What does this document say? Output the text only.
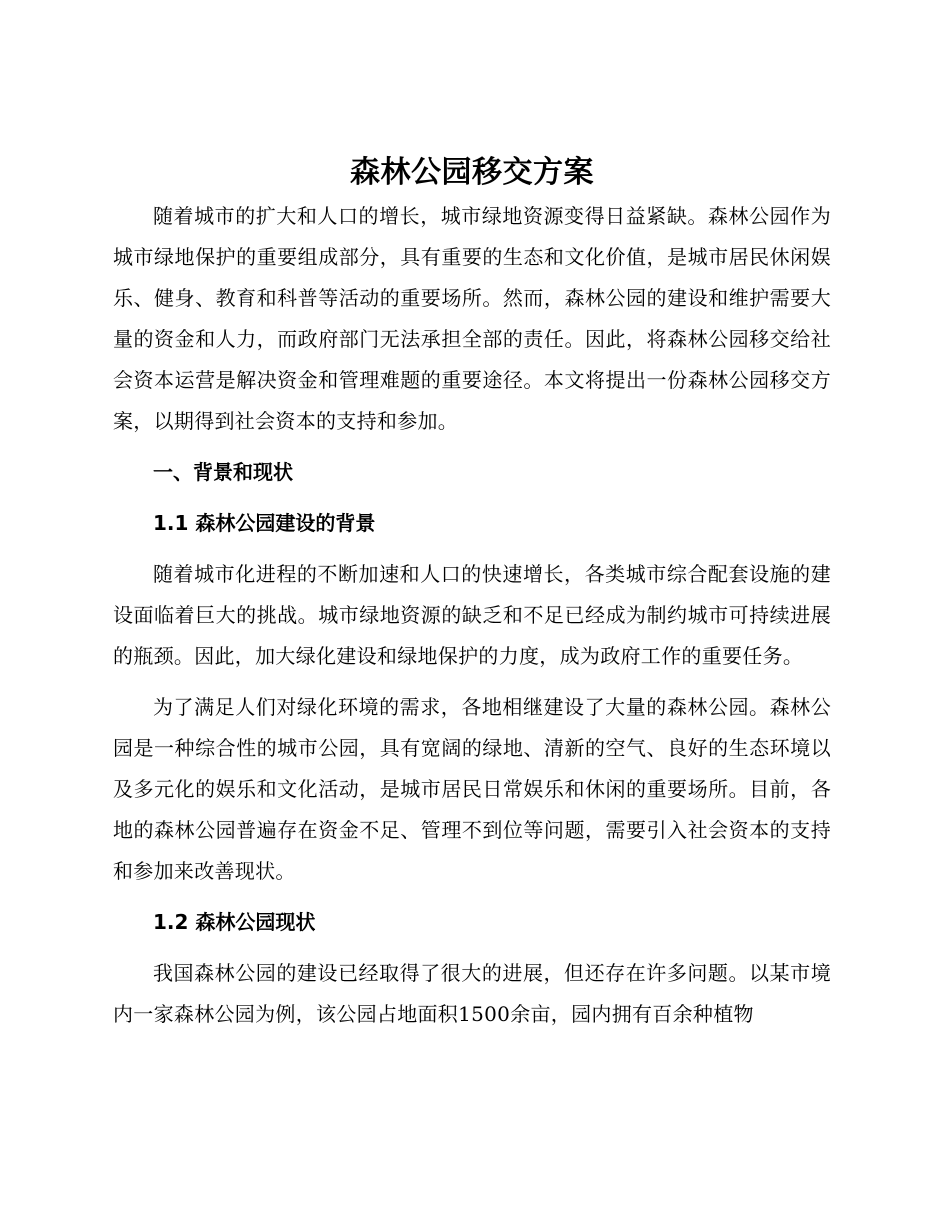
森林公园移交方案

随着城市的扩大和人口的增长，城市绿地资源变得日益紧缺。森林公园作为城市绿地保护的重要组成部分，具有重要的生态和文化价值，是城市居民休闲娱乐、健身、教育和科普等活动的重要场所。然而，森林公园的建设和维护需要大量的资金和人力，而政府部门无法承担全部的责任。因此，将森林公园移交给社会资本运营是解决资金和管理难题的重要途径。本文将提出一份森林公园移交方案，以期得到社会资本的支持和参加。

一、背景和现状
1.1 森林公园建设的背景

随着城市化进程的不断加速和人口的快速增长，各类城市综合配套设施的建设面临着巨大的挑战。城市绿地资源的缺乏和不足已经成为制约城市可持续进展的瓶颈。因此，加大绿化建设和绿地保护的力度，成为政府工作的重要任务。

为了满足人们对绿化环境的需求，各地相继建设了大量的森林公园。森林公园是一种综合性的城市公园，具有宽阔的绿地、清新的空气、良好的生态环境以及多元化的娱乐和文化活动，是城市居民日常娱乐和休闲的重要场所。目前，各地的森林公园普遍存在资金不足、管理不到位等问题，需要引入社会资本的支持和参加来改善现状。

1.2 森林公园现状

我国森林公园的建设已经取得了很大的进展，但还存在许多问题。以某市境内一家森林公园为例，该公园占地面积1500余亩，园内拥有百余种植物
